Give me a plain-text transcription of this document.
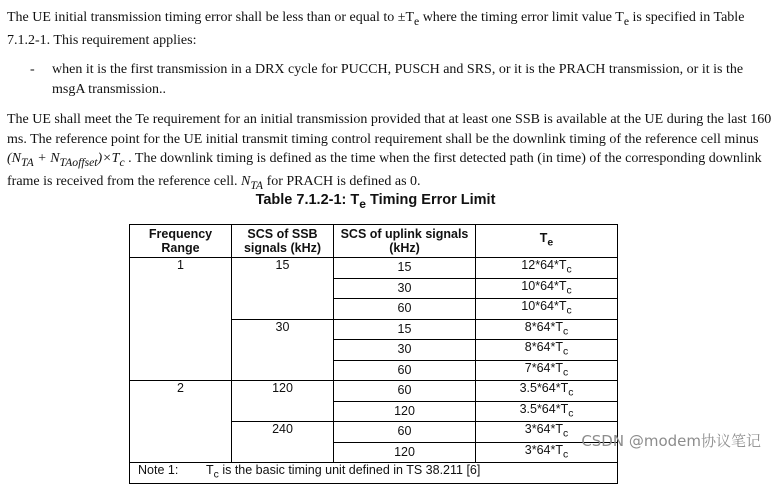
The UE initial transmission timing error shall be less than or equal to $\pm T_e$ where the timing error limit value $T_e$ is specified in Table 7.1.2-1. This requirement applies:
- when it is the first transmission in a DRX cycle for PUCCH, PUSCH and SRS, or it is the PRACH transmission, or it is the msgA transmission..
The UE shall meet the Te requirement for an initial transmission provided that at least one SSB is available at the UE during the last 160 ms. The reference point for the UE initial transmit timing control requirement shall be the downlink timing of the reference cell minus $(N_{TA} + N_{TAoffset})\times T_c$ . The downlink timing is defined as the time when the first detected path (in time) of the corresponding downlink frame is received from the reference cell. $N_{TA}$ for PRACH is defined as 0.
Table 7.1.2-1: $T_e$ Timing Error Limit
Frequency Range	SCS of SSB signals (kHz)	SCS of uplink signals (kHz)	$T_e$
1	15	15	$12*64*T_c$
		30	$10*64*T_c$
		60	$10*64*T_c$
	30	15	$8*64*T_c$
		30	$8*64*T_c$
		60	$7*64*T_c$
2	120	60	$3.5*64*T_c$
		120	$3.5*64*T_c$
	240	60	$3*64*T_c$
		120	$3*64*T_c$
Note 1: $T_c$ is the basic timing unit defined in TS 38.211 [6]			
CSDN @modem协议笔记
